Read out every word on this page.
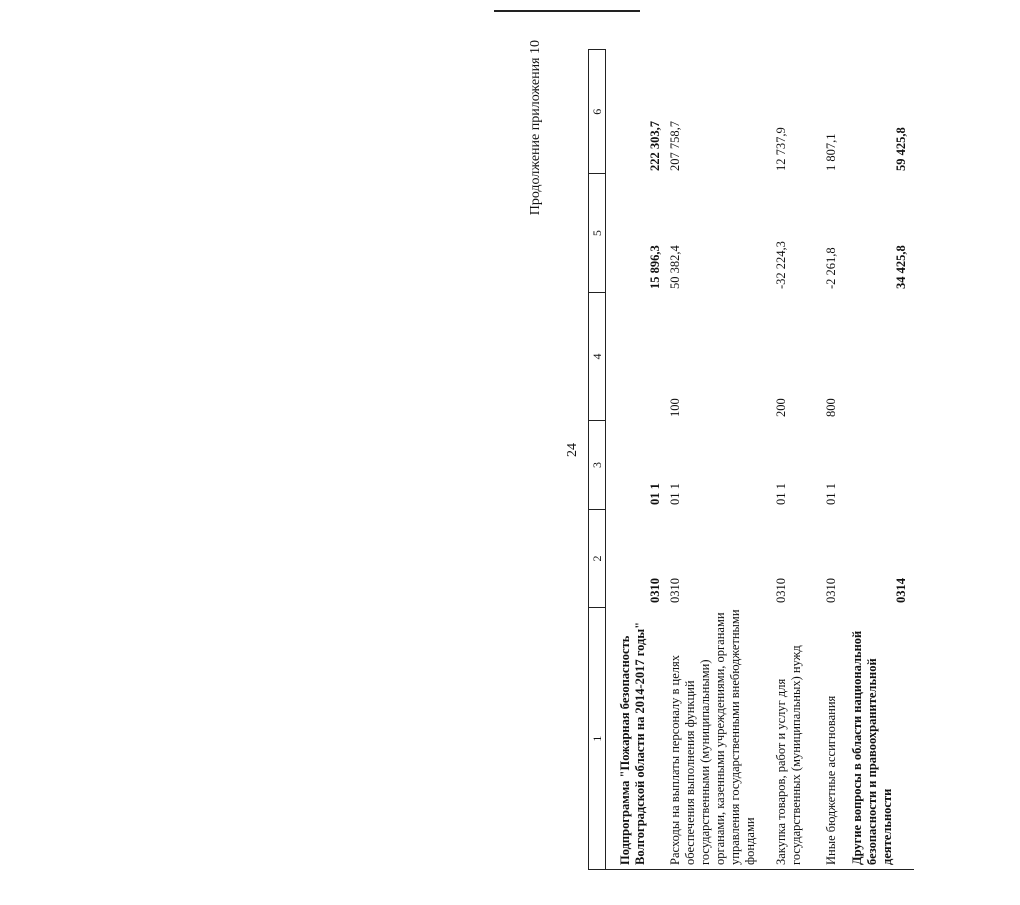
24
Продолжение приложения 10
1
2
3
4
5
6
Подпрограмма "Пожарная безопасность Волгоградской области на 2014-2017 годы"
0310
01 1
15 896,3
222 303,7
Расходы на выплаты персоналу в целях обеспечения выполнения функций государственными (муниципальными) органами, казенными учреждениями, органами управления государственными внебюджетными фондами
0310
01 1
100
50 382,4
207 758,7
Закупка товаров, работ и услуг для государственных (муниципальных) нужд
0310
01 1
200
-32 224,3
12 737,9
Иные бюджетные ассигнования
0310
01 1
800
-2 261,8
1 807,1
Другие вопросы в области национальной безопасности и правоохранительной деятельности
0314
34 425,8
59 425,8
